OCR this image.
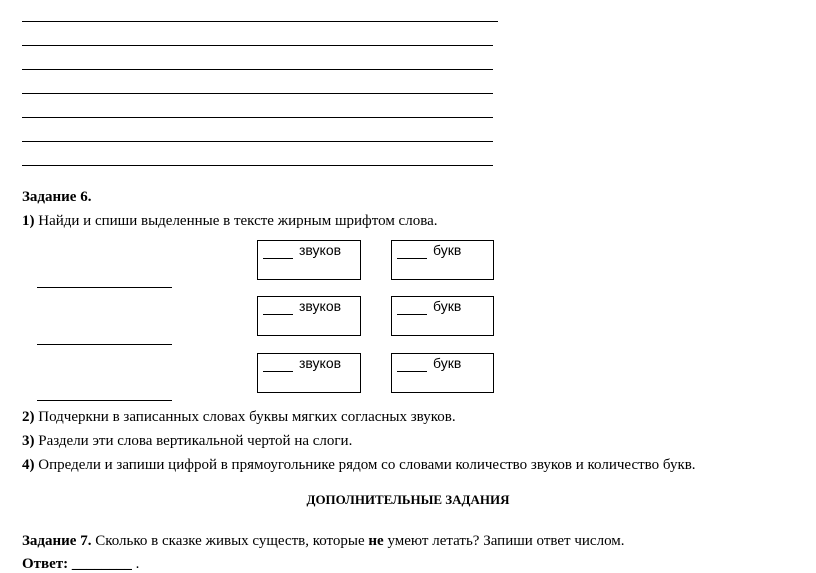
Задание 6.
1) Найди и спиши выделенные в тексте жирным шрифтом слова.
звуков	букв
звуков	букв
звуков	букв
2) Подчеркни в записанных словах буквы мягких согласных звуков.
3) Раздели эти слова вертикальной чертой на слоги.
4) Определи и запиши цифрой в прямоугольнике рядом со словами количество звуков и количество букв.
ДОПОЛНИТЕЛЬНЫЕ ЗАДАНИЯ
Задание 7. Сколько в сказке живых существ, которые не умеют летать? Запиши ответ числом.
Ответ: ________ .
